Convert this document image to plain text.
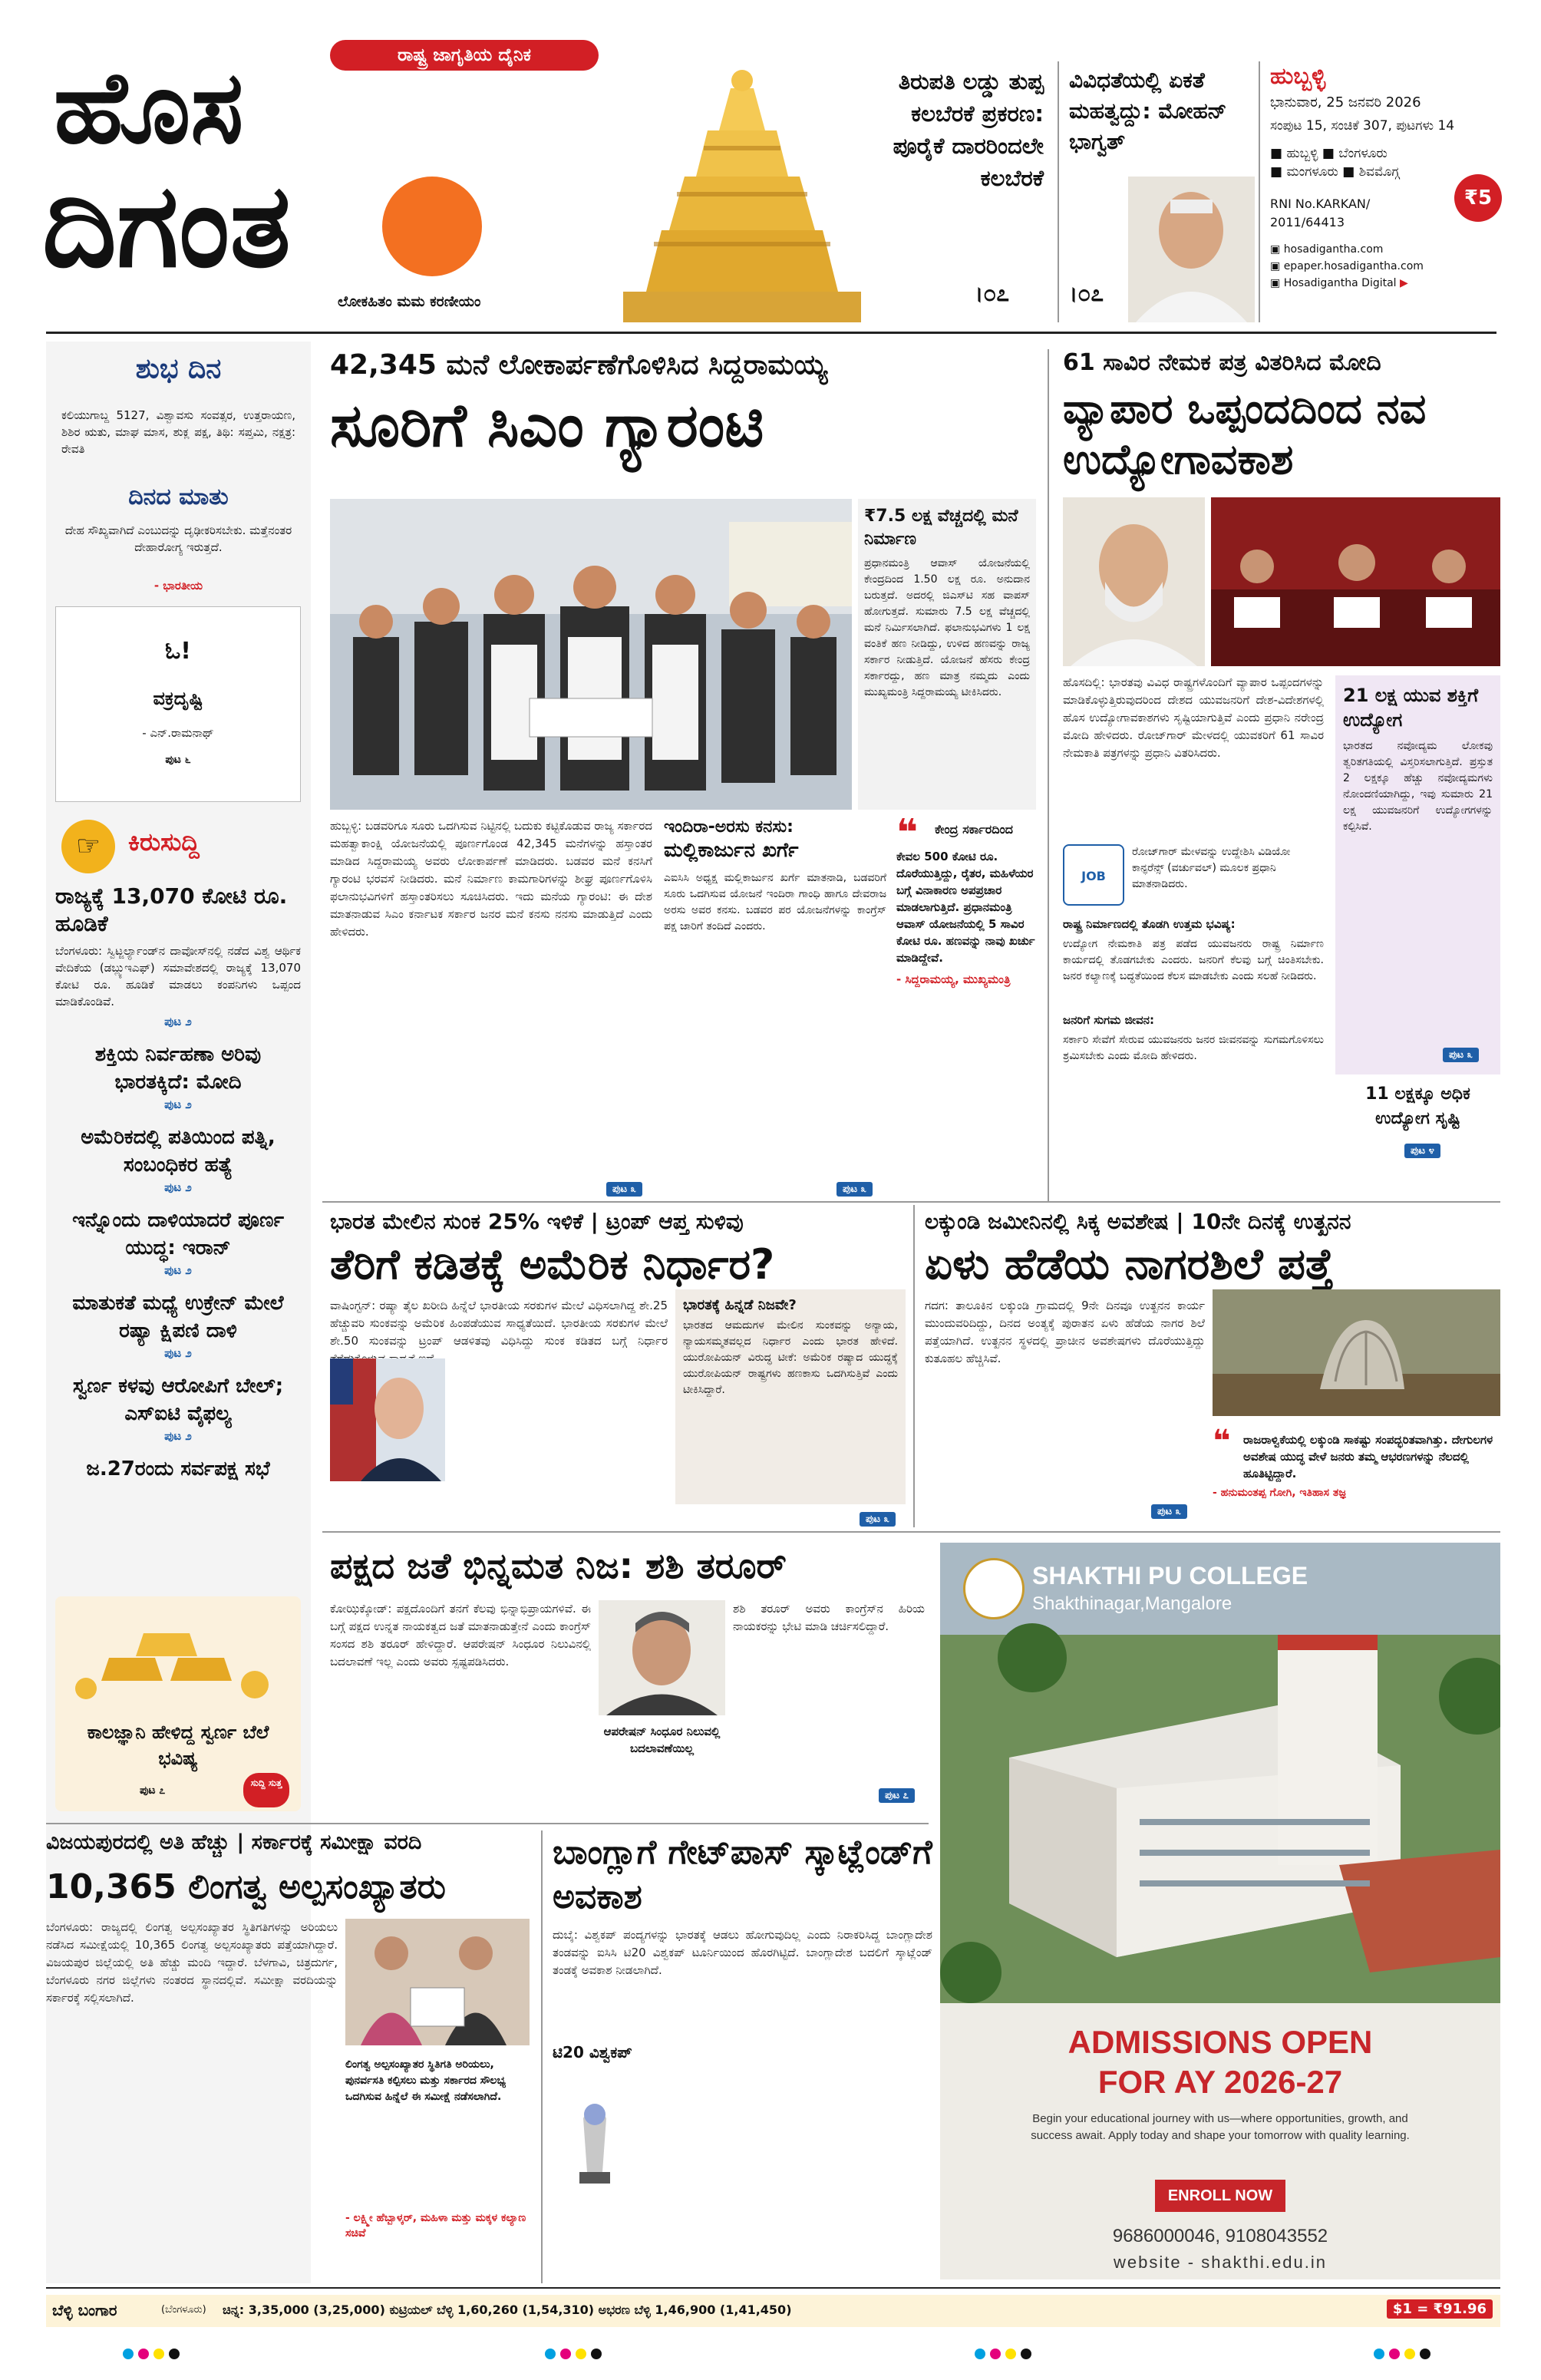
ರಾಷ್ಟ್ರ ಜಾಗೃತಿಯ ದೈನಿಕ
ಹೊಸ
ದಿಗಂತ
ಲೋಕಹಿತಂ ಮಮ ಕರಣೀಯಂ
ತಿರುಪತಿ ಲಡ್ಡು ತುಪ್ಪ ಕಲಬೆರಕೆ ಪ್ರಕರಣ: ಪೂರೈಕೆ ದಾರರಿಂದಲೇ ಕಲಬೆರಕೆ
।೦೭
ವಿವಿಧತೆಯಲ್ಲಿ ಏಕತೆ ಮಹತ್ವದ್ದು: ಮೋಹನ್ ಭಾಗ್ವತ್
।೦೭
ಹುಬ್ಬಳ್ಳಿ
ಭಾನುವಾರ, 25 ಜನವರಿ 2026
ಸಂಪುಟ 15, ಸಂಚಿಕೆ 307, ಪುಟಗಳು 14
■ ಹುಬ್ಬಳ್ಳಿ ■ ಬೆಂಗಳೂರು
■ ಮಂಗಳೂರು ■ ಶಿವಮೊಗ್ಗ
₹5
RNI No.KARKAN/ 2011/64413
▣ hosadigantha.com
▣ epaper.hosadigantha.com
▣ Hosadigantha Digital ▶
ಶುಭ ದಿನ
ಕಲಿಯುಗಾಬ್ದ 5127, ವಿಶ್ವಾವಸು ಸಂವತ್ಸರ, ಉತ್ತರಾಯಣ, ಶಿಶಿರ ಋತು, ಮಾಘ ಮಾಸ, ಶುಕ್ಲ ಪಕ್ಷ, ತಿಥಿ: ಸಪ್ತಮಿ, ನಕ್ಷತ್ರ: ರೇವತಿ
ದಿನದ ಮಾತು
ದೇಹ ಸೌಖ್ಯವಾಗಿದೆ ಎಂಬುದನ್ನು ದೃಢೀಕರಿಸಬೇಕು. ಮತ್ತೆನಂತರ ದೇಹಾರೋಗ್ಯ ಇರುತ್ತದೆ.
- ಭಾರತೀಯ
ಓ!
ವಕ್ರದೃಷ್ಟಿ
- ಎನ್.ರಾಮನಾಥ್
ಪುಟ ೬
☞	ಕಿರುಸುದ್ದಿ
ರಾಜ್ಯಕ್ಕೆ 13,070 ಕೋಟಿ ರೂ. ಹೂಡಿಕೆ
ಬೆಂಗಳೂರು: ಸ್ವಿಟ್ಜರ್ಲ್ಯಾಂಡ್‌ನ ದಾವೋಸ್‌ನಲ್ಲಿ ನಡೆದ ವಿಶ್ವ ಆರ್ಥಿಕ ವೇದಿಕೆಯ (ಡಬ್ಲ್ಯುಇಎಫ್) ಸಮಾವೇಶದಲ್ಲಿ ರಾಜ್ಯಕ್ಕೆ 13,070 ಕೋಟಿ ರೂ. ಹೂಡಿಕೆ ಮಾಡಲು ಕಂಪನಿಗಳು ಒಪ್ಪಂದ ಮಾಡಿಕೊಂಡಿವೆ.
ಪುಟ ೨
ಶಕ್ತಿಯ ನಿರ್ವಹಣಾ ಅರಿವು ಭಾರತಕ್ಕಿದೆ: ಮೋದಿ
ಪುಟ ೨
ಅಮೆರಿಕದಲ್ಲಿ ಪತಿಯಿಂದ ಪತ್ನಿ, ಸಂಬಂಧಿಕರ ಹತ್ಯೆ
ಪುಟ ೨
ಇನ್ನೊಂದು ದಾಳಿಯಾದರೆ ಪೂರ್ಣ ಯುದ್ಧ: ಇರಾನ್
ಪುಟ ೨
ಮಾತುಕತೆ ಮಧ್ಯೆ ಉಕ್ರೇನ್ ಮೇಲೆ ರಷ್ಯಾ ಕ್ಷಿಪಣಿ ದಾಳಿ
ಪುಟ ೨
ಸ್ವರ್ಣ ಕಳವು ಆರೋಪಿಗೆ ಬೇಲ್; ಎಸ್‌ಐಟಿ ವೈಫಲ್ಯ
ಪುಟ ೨
ಜ.27ರಂದು ಸರ್ವಪಕ್ಷ ಸಭೆ
ಕಾಲಜ್ಞಾನಿ ಹೇಳಿದ್ದ ಸ್ವರ್ಣ ಬೆಲೆ ಭವಿಷ್ಯ
ಪುಟ ೭
ಸುದ್ದಿ ಸುತ್ತ
42,345 ಮನೆ ಲೋಕಾರ್ಪಣೆಗೊಳಿಸಿದ ಸಿದ್ದರಾಮಯ್ಯ
ಸೂರಿಗೆ ಸಿಎಂ ಗ್ಯಾರಂಟಿ
₹7.5 ಲಕ್ಷ ವೆಚ್ಚದಲ್ಲಿ ಮನೆ ನಿರ್ಮಾಣ
ಪ್ರಧಾನಮಂತ್ರಿ ಆವಾಸ್ ಯೋಜನೆಯಲ್ಲಿ ಕೇಂದ್ರದಿಂದ 1.50 ಲಕ್ಷ ರೂ. ಅನುದಾನ ಬರುತ್ತದೆ. ಅದರಲ್ಲಿ ಜಿಎಸ್‌ಟಿ ಸಹ ವಾಪಸ್ ಹೋಗುತ್ತದೆ. ಸುಮಾರು 7.5 ಲಕ್ಷ ವೆಚ್ಚದಲ್ಲಿ ಮನೆ ನಿರ್ಮಿಸಲಾಗಿದೆ. ಫಲಾನುಭವಿಗಳು 1 ಲಕ್ಷ ವಂತಿಕೆ ಹಣ ನೀಡಿದ್ದು, ಉಳಿದ ಹಣವನ್ನು ರಾಜ್ಯ ಸರ್ಕಾರ ನೀಡುತ್ತಿದೆ. ಯೋಜನೆ ಹೆಸರು ಕೇಂದ್ರ ಸರ್ಕಾರದ್ದು, ಹಣ ಮಾತ್ರ ನಮ್ಮದು ಎಂದು ಮುಖ್ಯಮಂತ್ರಿ ಸಿದ್ದರಾಮಯ್ಯ ಟೀಕಿಸಿದರು.
ಹುಬ್ಬಳ್ಳಿ: ಬಡವರಿಗೂ ಸೂರು ಒದಗಿಸುವ ನಿಟ್ಟಿನಲ್ಲಿ ಬದುಕು ಕಟ್ಟಿಕೊಡುವ ರಾಜ್ಯ ಸರ್ಕಾರದ ಮಹತ್ವಾಕಾಂಕ್ಷಿ ಯೋಜನೆಯಲ್ಲಿ ಪೂರ್ಣಗೊಂಡ 42,345 ಮನೆಗಳನ್ನು ಹಸ್ತಾಂತರ ಮಾಡಿದ ಸಿದ್ದರಾಮಯ್ಯ ಅವರು ಲೋಕಾರ್ಪಣೆ ಮಾಡಿದರು. ಬಡವರ ಮನೆ ಕನಸಿಗೆ ಗ್ಯಾರಂಟಿ ಭರವಸೆ ನೀಡಿದರು. ಮನೆ ನಿರ್ಮಾಣ ಕಾಮಗಾರಿಗಳನ್ನು ಶೀಘ್ರ ಪೂರ್ಣಗೊಳಿಸಿ ಫಲಾನುಭವಿಗಳಿಗೆ ಹಸ್ತಾಂತರಿಸಲು ಸೂಚಿಸಿದರು. ಇದು ಮನೆಯ ಗ್ಯಾರಂಟಿ: ಈ ದೇಶ ಮಾತನಾಡುವ ಸಿಎಂ ಕರ್ನಾಟಕ ಸರ್ಕಾರ ಜನರ ಮನೆ ಕನಸು ನನಸು ಮಾಡುತ್ತಿದೆ ಎಂದು ಹೇಳಿದರು.
ಪುಟ ೩
ಇಂದಿರಾ-ಅರಸು ಕನಸು:
ಮಲ್ಲಿಕಾರ್ಜುನ ಖರ್ಗೆ
ಎಐಸಿಸಿ ಅಧ್ಯಕ್ಷ ಮಲ್ಲಿಕಾರ್ಜುನ ಖರ್ಗೆ ಮಾತನಾಡಿ, ಬಡವರಿಗೆ ಸೂರು ಒದಗಿಸುವ ಯೋಜನೆ ಇಂದಿರಾ ಗಾಂಧಿ ಹಾಗೂ ದೇವರಾಜ ಅರಸು ಅವರ ಕನಸು. ಬಡವರ ಪರ ಯೋಜನೆಗಳನ್ನು ಕಾಂಗ್ರೆಸ್ ಪಕ್ಷ ಜಾರಿಗೆ ತಂದಿದೆ ಎಂದರು.
❝	ಕೇಂದ್ರ ಸರ್ಕಾರದಿಂದ
ಕೇವಲ 500 ಕೋಟಿ ರೂ. ದೊರೆಯುತ್ತಿದ್ದು, ರೈತರ, ಮಹಿಳೆಯರ ಬಗ್ಗೆ ವಿನಾಕಾರಣ ಅಪಪ್ರಚಾರ ಮಾಡಲಾಗುತ್ತಿದೆ. ಪ್ರಧಾನಮಂತ್ರಿ ಆವಾಸ್ ಯೋಜನೆಯಲ್ಲಿ 5 ಸಾವಿರ ಕೋಟಿ ರೂ. ಹಣವನ್ನು ನಾವು ಖರ್ಚು ಮಾಡಿದ್ದೇವೆ.
- ಸಿದ್ದರಾಮಯ್ಯ, ಮುಖ್ಯಮಂತ್ರಿ
ಪುಟ ೩
61 ಸಾವಿರ ನೇಮಕ ಪತ್ರ ವಿತರಿಸಿದ ಮೋದಿ
ವ್ಯಾಪಾರ ಒಪ್ಪಂದದಿಂದ ನವ ಉದ್ಯೋಗಾವಕಾಶ
ಹೊಸದಿಲ್ಲಿ: ಭಾರತವು ವಿವಿಧ ರಾಷ್ಟ್ರಗಳೊಂದಿಗೆ ವ್ಯಾಪಾರ ಒಪ್ಪಂದಗಳನ್ನು ಮಾಡಿಕೊಳ್ಳುತ್ತಿರುವುದರಿಂದ ದೇಶದ ಯುವಜನರಿಗೆ ದೇಶ-ವಿದೇಶಗಳಲ್ಲಿ ಹೊಸ ಉದ್ಯೋಗಾವಕಾಶಗಳು ಸೃಷ್ಟಿಯಾಗುತ್ತಿವೆ ಎಂದು ಪ್ರಧಾನಿ ನರೇಂದ್ರ ಮೋದಿ ಹೇಳಿದರು. ರೋಜ್‌ಗಾರ್ ಮೇಳದಲ್ಲಿ ಯುವಕರಿಗೆ 61 ಸಾವಿರ ನೇಮಕಾತಿ ಪತ್ರಗಳನ್ನು ಪ್ರಧಾನಿ ವಿತರಿಸಿದರು.
JOB
ರೋಜ್‌ಗಾರ್ ಮೇಳವನ್ನು ಉದ್ದೇಶಿಸಿ ವಿಡಿಯೋ ಕಾನ್ಫರೆನ್ಸ್ (ವರ್ಚುವಲ್) ಮೂಲಕ ಪ್ರಧಾನಿ ಮಾತನಾಡಿದರು.
ರಾಷ್ಟ್ರ ನಿರ್ಮಾಣದಲ್ಲಿ ತೊಡಗಿ ಉತ್ತಮ ಭವಿಷ್ಯ:
ಉದ್ಯೋಗ ನೇಮಕಾತಿ ಪತ್ರ ಪಡೆದ ಯುವಜನರು ರಾಷ್ಟ್ರ ನಿರ್ಮಾಣ ಕಾರ್ಯದಲ್ಲಿ ತೊಡಗಬೇಕು ಎಂದರು. ಜನರಿಗೆ ಕೆಲವು ಬಗ್ಗೆ ಚಿಂತಿಸಬೇಕು. ಜನರ ಕಲ್ಯಾಣಕ್ಕೆ ಬದ್ಧತೆಯಿಂದ ಕೆಲಸ ಮಾಡಬೇಕು ಎಂದು ಸಲಹೆ ನೀಡಿದರು.
ಜನರಿಗೆ ಸುಗಮ ಜೀವನ:
ಸರ್ಕಾರಿ ಸೇವೆಗೆ ಸೇರುವ ಯುವಜನರು ಜನರ ಜೀವನವನ್ನು ಸುಗಮಗೊಳಿಸಲು ಶ್ರಮಿಸಬೇಕು ಎಂದು ಮೋದಿ ಹೇಳಿದರು.
21 ಲಕ್ಷ ಯುವ ಶಕ್ತಿಗೆ ಉದ್ಯೋಗ
ಭಾರತದ ನವೋದ್ಯಮ ಲೋಕವು ತ್ವರಿತಗತಿಯಲ್ಲಿ ವಿಸ್ತರಿಸಲಾಗುತ್ತಿದೆ. ಪ್ರಸ್ತುತ 2 ಲಕ್ಷಕ್ಕೂ ಹೆಚ್ಚು ನವೋದ್ಯಮಗಳು ನೋಂದಣಿಯಾಗಿದ್ದು, ಇವು ಸುಮಾರು 21 ಲಕ್ಷ ಯುವಜನರಿಗೆ ಉದ್ಯೋಗಗಳನ್ನು ಕಲ್ಪಿಸಿವೆ.
ಪುಟ ೩
11 ಲಕ್ಷಕ್ಕೂ ಅಧಿಕ ಉದ್ಯೋಗ ಸೃಷ್ಟಿ
ಪುಟ ೪
ಭಾರತ ಮೇಲಿನ ಸುಂಕ 25% ಇಳಿಕೆ | ಟ್ರಂಪ್ ಆಪ್ತ ಸುಳಿವು
ತೆರಿಗೆ ಕಡಿತಕ್ಕೆ ಅಮೆರಿಕ ನಿರ್ಧಾರ?
ವಾಷಿಂಗ್ಟನ್: ರಷ್ಯಾ ತೈಲ ಖರೀದಿ ಹಿನ್ನೆಲೆ ಭಾರತೀಯ ಸರಕುಗಳ ಮೇಲೆ ವಿಧಿಸಲಾಗಿದ್ದ ಶೇ.25 ಹೆಚ್ಚುವರಿ ಸುಂಕವನ್ನು ಅಮೆರಿಕ ಹಿಂಪಡೆಯುವ ಸಾಧ್ಯತೆಯಿದೆ. ಭಾರತೀಯ ಸರಕುಗಳ ಮೇಲೆ ಶೇ.50 ಸುಂಕವನ್ನು ಟ್ರಂಪ್ ಆಡಳಿತವು ವಿಧಿಸಿದ್ದು ಸುಂಕ ಕಡಿತದ ಬಗ್ಗೆ ನಿರ್ಧಾರ
ಭಾರತಕ್ಕೆ ಹಿನ್ನಡೆ ನಿಜವೇ?
ಭಾರತದ ಆಮದುಗಳ ಮೇಲಿನ ಸುಂಕವನ್ನು ಅನ್ಯಾಯ, ನ್ಯಾಯಸಮ್ಮತವಲ್ಲದ ನಿರ್ಧಾರ ಎಂದು ಭಾರತ ಹೇಳಿದೆ. ಯುರೋಪಿಯನ್ ವಿರುದ್ಧ ಟೀಕೆ: ಅಮೆರಿಕ ರಷ್ಯಾದ ಯುದ್ಧಕ್ಕೆ ಯುರೋಪಿಯನ್ ರಾಷ್ಟ್ರಗಳು ಹಣಕಾಸು ಒದಗಿಸುತ್ತಿವೆ ಎಂದು ಟೀಕಿಸಿದ್ದಾರೆ.
ಪುಟ ೩
ಲಕ್ಕುಂಡಿ ಜಮೀನಿನಲ್ಲಿ ಸಿಕ್ಕ ಅವಶೇಷ | 10ನೇ ದಿನಕ್ಕೆ ಉತ್ಖನನ
ಏಳು ಹೆಡೆಯ ನಾಗರಶಿಲೆ ಪತ್ತೆ
ಗದಗ: ತಾಲೂಕಿನ ಲಕ್ಕುಂಡಿ ಗ್ರಾಮದಲ್ಲಿ 9ನೇ ದಿನವೂ ಉತ್ಖನನ ಕಾರ್ಯ ಮುಂದುವರಿದಿದ್ದು, ದಿನದ ಅಂತ್ಯಕ್ಕೆ ಪುರಾತನ ಏಳು ಹೆಡೆಯ ನಾಗರ ಶಿಲೆ ಪತ್ತೆಯಾಗಿದೆ. ಉತ್ಖನನ ಸ್ಥಳದಲ್ಲಿ ಪ್ರಾಚೀನ ಅವಶೇಷಗಳು ದೊರೆಯುತ್ತಿದ್ದು ಕುತೂಹಲ ಹೆಚ್ಚಿಸಿವೆ.
❝ ರಾಜರಾಳ್ವಿಕೆಯಲ್ಲಿ ಲಕ್ಕುಂಡಿ ಸಾಕಷ್ಟು ಸಂಪದ್ಭರಿತವಾಗಿತ್ತು. ದೇಗುಲಗಳ ಅವಶೇಷ ಯುದ್ಧ ವೇಳೆ ಜನರು ತಮ್ಮ ಆಭರಣಗಳನ್ನು ನೆಲದಲ್ಲಿ ಹೂತಿಟ್ಟಿದ್ದಾರೆ.
- ಹನುಮಂತಪ್ಪ ಗೋಗಿ, ಇತಿಹಾಸ ತಜ್ಞ
ಪುಟ ೩
ಪಕ್ಷದ ಜತೆ ಭಿನ್ನಮತ ನಿಜ: ಶಶಿ ತರೂರ್
ಕೋಝಿಕ್ಕೋಡ್: ಪಕ್ಷದೊಂದಿಗೆ ತನಗೆ ಕೆಲವು ಭಿನ್ನಾಭಿಪ್ರಾಯಗಳಿವೆ. ಈ ಬಗ್ಗೆ ಪಕ್ಷದ ಉನ್ನತ ನಾಯಕತ್ವದ ಜತೆ ಮಾತನಾಡುತ್ತೇನೆ ಎಂದು ಕಾಂಗ್ರೆಸ್ ಸಂಸದ ಶಶಿ ತರೂರ್ ಹೇಳಿದ್ದಾರೆ. ಆಪರೇಷನ್ ಸಿಂಧೂರ ನಿಲುವಿನಲ್ಲಿ ಬದಲಾವಣೆ ಇಲ್ಲ ಎಂದು ಅವರು ಸ್ಪಷ್ಟಪಡಿಸಿದರು.
ಆಪರೇಷನ್ ಸಿಂಧೂರ ನಿಲುವಲ್ಲಿ ಬದಲಾವಣೆಯಿಲ್ಲ
ಶಶಿ ತರೂರ್ ಅವರು ಕಾಂಗ್ರೆಸ್‌ನ ಹಿರಿಯ ನಾಯಕರನ್ನು ಭೇಟಿ ಮಾಡಿ ಚರ್ಚಿಸಲಿದ್ದಾರೆ.
ಪುಟ ೭
SHAKTHI PU COLLEGE
Shakthinagar,Mangalore
ADMISSIONS OPEN FOR AY 2026-27
Begin your educational journey with us—where opportunities, growth, and success await. Apply today and shape your tomorrow with quality learning.
ENROLL NOW
9686000046, 9108043552
website - shakthi.edu.in
ವಿಜಯಪುರದಲ್ಲಿ ಅತಿ ಹೆಚ್ಚು | ಸರ್ಕಾರಕ್ಕೆ ಸಮೀಕ್ಷಾ ವರದಿ
10,365 ಲಿಂಗತ್ವ ಅಲ್ಪಸಂಖ್ಯಾತರು
ಬೆಂಗಳೂರು: ರಾಜ್ಯದಲ್ಲಿ ಲಿಂಗತ್ವ ಅಲ್ಪಸಂಖ್ಯಾತರ ಸ್ಥಿತಿಗತಿಗಳನ್ನು ಅರಿಯಲು ನಡೆಸಿದ ಸಮೀಕ್ಷೆಯಲ್ಲಿ 10,365 ಲಿಂಗತ್ವ ಅಲ್ಪಸಂಖ್ಯಾತರು ಪತ್ತೆಯಾಗಿದ್ದಾರೆ. ವಿಜಯಪುರ ಜಿಲ್ಲೆಯಲ್ಲಿ ಅತಿ ಹೆಚ್ಚು ಮಂದಿ ಇದ್ದಾರೆ. ಬೆಳಗಾವಿ, ಚಿತ್ರದುರ್ಗ, ಬೆಂಗಳೂರು ನಗರ ಜಿಲ್ಲೆಗಳು ನಂತರದ ಸ್ಥಾನದಲ್ಲಿವೆ. ಸಮೀಕ್ಷಾ ವರದಿಯನ್ನು ಸರ್ಕಾರಕ್ಕೆ ಸಲ್ಲಿಸಲಾಗಿದೆ.
ಲಿಂಗತ್ವ ಅಲ್ಪಸಂಖ್ಯಾತರ ಸ್ಥಿತಿಗತಿ ಅರಿಯಲು, ಪುನರ್ವಸತಿ ಕಲ್ಪಿಸಲು ಮತ್ತು ಸರ್ಕಾರದ ಸೌಲಭ್ಯ ಒದಗಿಸುವ ಹಿನ್ನೆಲೆ ಈ ಸಮೀಕ್ಷೆ ನಡೆಸಲಾಗಿದೆ.
- ಲಕ್ಷ್ಮೀ ಹೆಬ್ಬಾಳ್ಕರ್, ಮಹಿಳಾ ಮತ್ತು ಮಕ್ಕಳ ಕಲ್ಯಾಣ ಸಚಿವೆ
ಬಾಂಗ್ಲಾಗೆ ಗೇಟ್‌ಪಾಸ್ ಸ್ಕಾಟ್ಲೆಂಡ್‌ಗೆ ಅವಕಾಶ
ದುಬೈ: ವಿಶ್ವಕಪ್ ಪಂದ್ಯಗಳನ್ನು ಭಾರತಕ್ಕೆ ಆಡಲು ಹೋಗುವುದಿಲ್ಲ ಎಂದು ನಿರಾಕರಿಸಿದ್ದ ಬಾಂಗ್ಲಾದೇಶ ತಂಡವನ್ನು ಐಸಿಸಿ ಟಿ20 ವಿಶ್ವಕಪ್ ಟೂರ್ನಿಯಿಂದ ಹೊರಗಿಟ್ಟಿದೆ. ಬಾಂಗ್ಲಾದೇಶ ಬದಲಿಗೆ ಸ್ಕಾಟ್ಲೆಂಡ್ ತಂಡಕ್ಕೆ ಅವಕಾಶ ನೀಡಲಾಗಿದೆ.
ಟಿ20 ವಿಶ್ವಕಪ್
ಬೆಳ್ಳಿ ಬಂಗಾರ	(ಬೆಂಗಳೂರು) ಚಿನ್ನ: 3,35,000 (3,25,000) ಕುಟ್ರಿಯಲ್ ಬೆಳ್ಳಿ 1,60,260 (1,54,310) ಅಭರಣ ಬೆಳ್ಳಿ 1,46,900 (1,41,450)	$1 = ₹91.96
